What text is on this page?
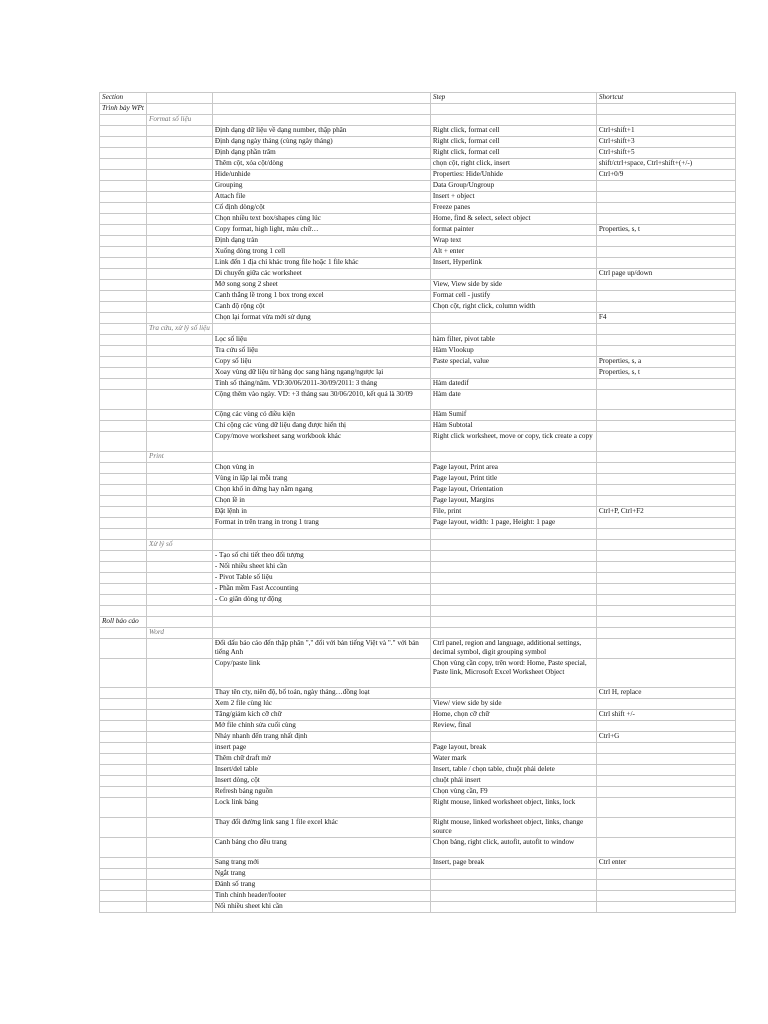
Section			Step	Shortcut
Trình bày WPt				
	Format số liệu			
		Định dạng dữ liệu về dạng number, thập phân	Right click, format cell	Ctrl+shift+1
		Định dạng ngày tháng (cùng ngày tháng)	Right click, format cell	Ctrl+shift+3
		Định dạng phần trăm	Right click, format cell	Ctrl+shift+5
		Thêm cột, xóa cột/dòng	chọn cột, right click, insert	shift/ctrl+space, Ctrl+shift+(+/-)
		Hide/unhide	Properties: Hide/Unhide	Ctrl+0/9
		Grouping	Data Group/Ungroup	
		Attach file	Insert + object	
		Cố định dòng/cột	Freeze panes	
		Chọn nhiều text box/shapes cùng lúc	Home, find & select, select object	
		Copy format, high light, màu chữ…	format painter	Properties, s, t
		Định dạng tràn	Wrap text	
		Xuống dòng trong 1 cell	Alt + enter	
		Link đến 1 địa chỉ khác trong file hoặc 1 file khác	Insert, Hyperlink	
		Di chuyển giữa các worksheet		Ctrl page up/down
		Mở song song 2 sheet	View, View side by side	
		Canh thẳng lề trong 1 box trong excel	Format cell - justify	
		Canh độ rộng cột	Chọn cột, right click, column width	
		Chọn lại format vừa mới sử dụng		F4
	Tra cứu, xử lý số liệu			
		Lọc số liệu	hàm filter, pivot table	
		Tra cứu số liệu	Hàm Vlookup	
		Copy số liệu	Paste special, value	Properties, s, a
		Xoay vùng dữ liệu từ hàng dọc sang hàng ngang/ngược lại		Properties, s, t
		Tính số tháng/năm. VD:30/06/2011-30/09/2011: 3 tháng	Hàm datedif	
		Cộng thêm vào ngày. VD: +3 tháng sau 30/06/2010, kết quả là 30/09	Hàm date	
		Cộng các vùng có điều kiện	Hàm Sumif	
		Chỉ cộng các vùng dữ liệu đang được hiển thị	Hàm Subtotal	
		Copy/move worksheet sang workbook khác	Right click worksheet, move or copy, tick create a copy	
	Print			
		Chọn vùng in	Page layout, Print area	
		Vùng in lặp lại mỗi trang	Page layout, Print title	
		Chọn khổ in đứng hay nằm ngang	Page layout, Orientation	
		Chọn lề in	Page layout, Margins	
		Đặt lệnh in	File, print	Ctrl+P, Ctrl+F2
		Format in trên trang in trong 1 trang	Page layout, width: 1 page, Height: 1 page	

	Xử lý số			
		- Tạo số chi tiết theo đối tượng		
		- Nối nhiều sheet khi cần		
		- Pivot Table số liệu		
		- Phần mềm Fast Accounting		
		- Co giãn dòng tự động		

Roll báo cáo				
	Word			
		Đổi dấu báo cáo đến thập phân "," đổi với bản tiếng Việt và "." với bản tiếng Anh	Ctrl panel, region and language, additional settings, decimal symbol, digit grouping symbol	
		Copy/paste link	Chọn vùng cần copy, trên word: Home, Paste special, Paste link, Microsoft Excel Worksheet Object	
		Thay tên cty, niên độ, bổ toán, ngày tháng…đồng loạt		Ctrl H, replace
		Xem 2 file cùng lúc	View/ view side by side	
		Tăng/giảm kích cỡ chữ	Home, chọn cỡ chữ	Ctrl shift +/-
		Mở file chỉnh sửa cuối cùng	Review, final	
		Nhảy nhanh đến trang nhất định		Ctrl+G
		insert page	Page layout, break	
		Thêm chữ draft mờ	Water mark	
		Insert/del table	Insert, table / chọn table, chuột phải delete	
		Insert dòng, cột	chuột phải insert	
		Refresh bảng nguồn	Chọn vùng cần, F9	
		Lock link bảng	Right mouse, linked worksheet object, links, lock	
		Thay đổi đường link sang 1 file excel khác	Right mouse, linked worksheet object, links, change source	
		Canh bảng cho đều trang	Chọn bảng, right click, autofit, autofit to window	
		Sang trang mới	Insert, page break	Ctrl enter
		Ngắt trang		
		Đánh số trang		
		Tinh chỉnh header/footer		
		Nối nhiều sheet khi cần		
